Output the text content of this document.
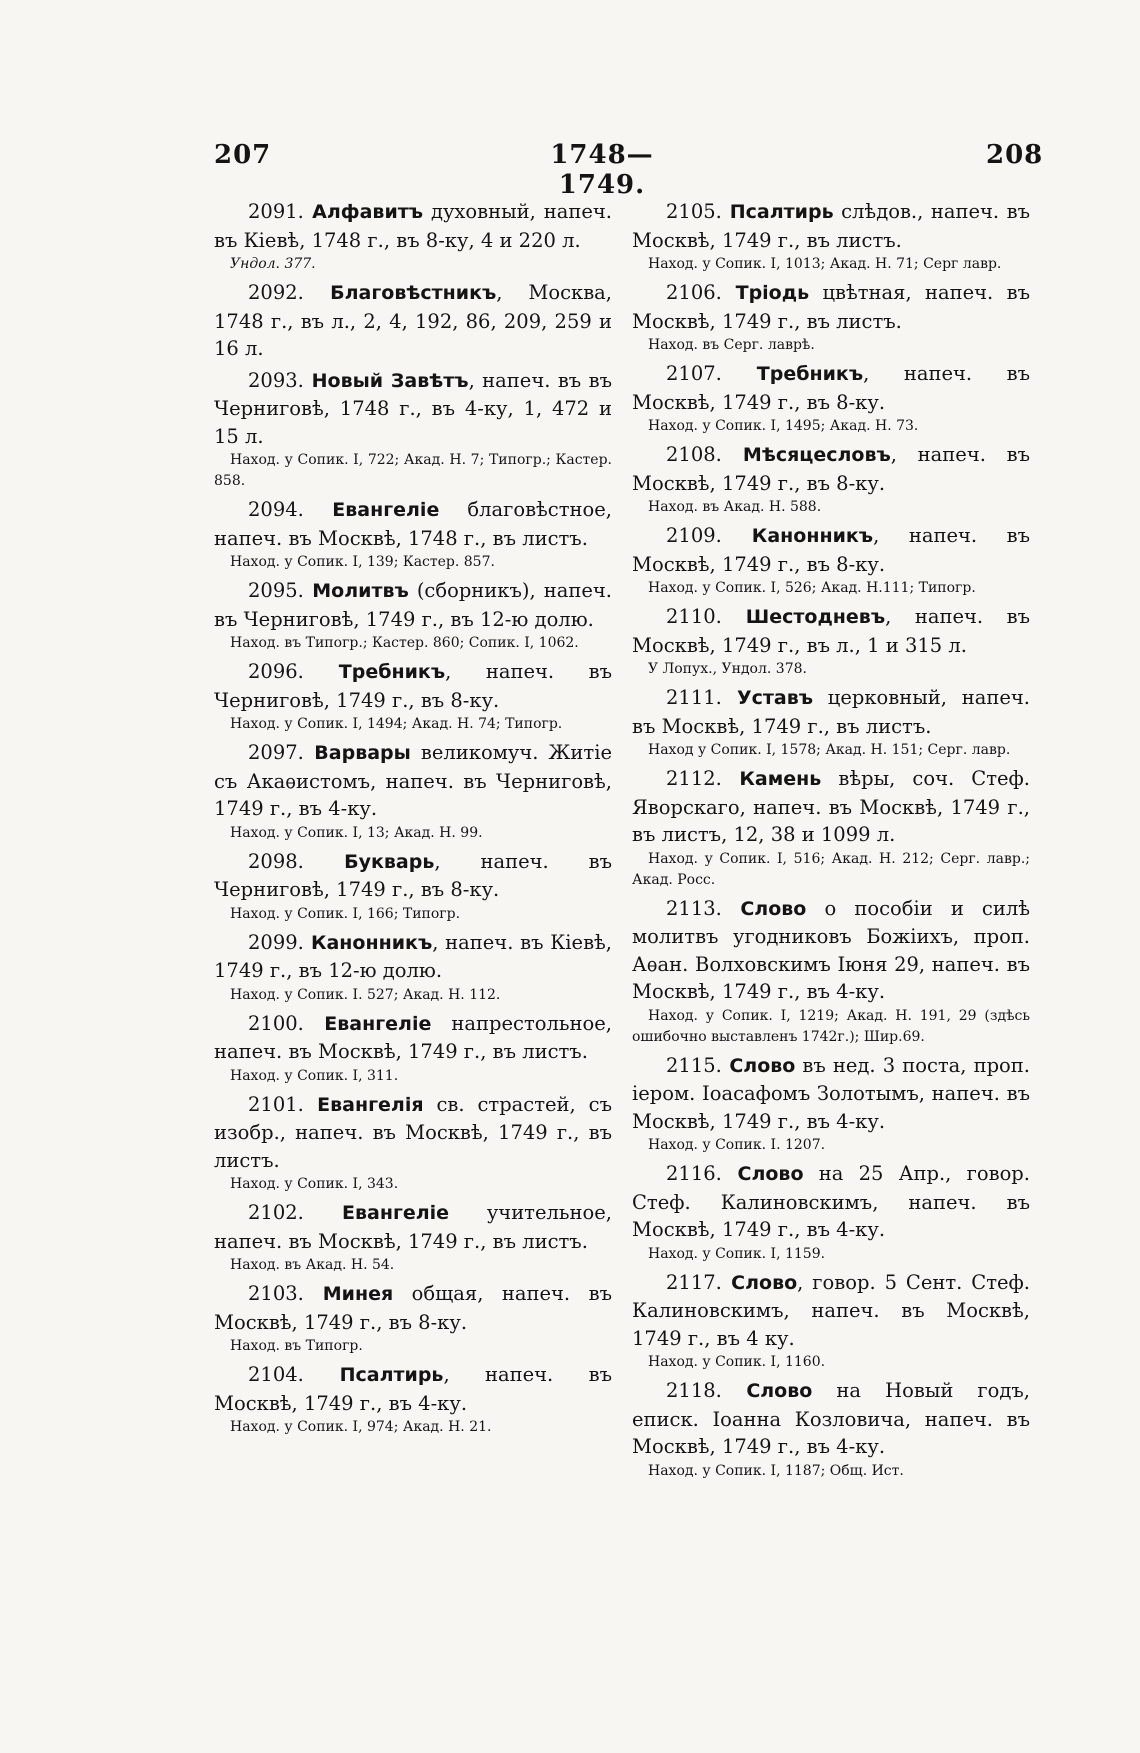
207	1748—1749.
208

2091. Алфавитъ духовный, напеч. въ Кіевѣ, 1748 г., въ 8-ку, 4 и 220 л.

Ундол. 377.

2092. Благовѣстникъ, Москва, 1748 г., въ л., 2, 4, 192, 86, 209, 259 и 16 л.

2093. Новый Завѣтъ, напеч. въ въ Черниговѣ, 1748 г., въ 4-ку, 1, 472 и 15 л.

Наход. у Сопик. I, 722; Акад. Н. 7; Типогр.; Кастер. 858.

2094. Евангеліе благовѣстное, напеч. въ Москвѣ, 1748 г., въ листъ.

Наход. у Сопик. I, 139; Кастер. 857.

2095. Молитвъ (сборникъ), напеч. въ Черниговѣ, 1749 г., въ 12-ю долю.

Наход. въ Типогр.; Кастер. 860; Сопик. I, 1062.

2096. Требникъ, напеч. въ Черниговѣ, 1749 г., въ 8-ку.

Наход. у Сопик. I, 1494; Акад. Н. 74; Типогр.

2097. Варвары великомуч. Житіе съ Акаѳистомъ, напеч. въ Черниговѣ, 1749 г., въ 4-ку.

Наход. у Сопик. I, 13; Акад. Н. 99.

2098. Букварь, напеч. въ Черниговѣ, 1749 г., въ 8-ку.

Наход. у Сопик. I, 166; Типогр.

2099. Канонникъ, напеч. въ Кіевѣ, 1749 г., въ 12-ю долю.

Наход. у Сопик. I. 527; Акад. Н. 112.

2100. Евангеліе напрестольное, напеч. въ Москвѣ, 1749 г., въ листъ.

Наход. у Сопик. I, 311.

2101. Евангелія св. страстей, съ изобр., напеч. въ Москвѣ, 1749 г., въ листъ.

Наход. у Сопик. I, 343.

2102. Евангеліе учительное, напеч. въ Москвѣ, 1749 г., въ листъ.

Наход. въ Акад. Н. 54.

2103. Минея общая, напеч. въ Москвѣ, 1749 г., въ 8-ку.

Наход. въ Типогр.

2104. Псалтирь, напеч. въ Москвѣ, 1749 г., въ 4-ку.

Наход. у Сопик. I, 974; Акад. Н. 21.

2105. Псалтирь слѣдов., напеч. въ Москвѣ, 1749 г., въ листъ.

Наход. у Сопик. I, 1013; Акад. Н. 71; Серг лавр.

2106. Тріодь цвѣтная, напеч. въ Москвѣ, 1749 г., въ листъ.

Наход. въ Серг. лаврѣ.

2107. Требникъ, напеч. въ Москвѣ, 1749 г., въ 8-ку.

Наход. у Сопик. I, 1495; Акад. Н. 73.

2108. Мѣсяцесловъ, напеч. въ Москвѣ, 1749 г., въ 8-ку.

Наход. въ Акад. Н. 588.

2109. Канонникъ, напеч. въ Москвѣ, 1749 г., въ 8-ку.

Наход. у Сопик. I, 526; Акад. Н.111; Типогр.

2110. Шестодневъ, напеч. въ Москвѣ, 1749 г., въ л., 1 и 315 л.

У Лопух., Ундол. 378.

2111. Уставъ церковный, напеч. въ Москвѣ, 1749 г., въ листъ.

Наход у Сопик. I, 1578; Акад. Н. 151; Серг. лавр.

2112. Камень вѣры, соч. Стеф. Яворскаго, напеч. въ Москвѣ, 1749 г., въ листъ, 12, 38 и 1099 л.

Наход. у Сопик. I, 516; Акад. Н. 212; Серг. лавр.; Акад. Росс.

2113. Слово о пособіи и силѣ молитвъ угодниковъ Божіихъ, проп. Аѳан. Волховскимъ Іюня 29, напеч. въ Москвѣ, 1749 г., въ 4-ку.

Наход. у Сопик. I, 1219; Акад. Н. 191, 29 (здѣсь ошибочно выставленъ 1742г.); Шир.69.

2115. Слово въ нед. 3 поста, проп. іером. Іоасафомъ Золотымъ, напеч. въ Москвѣ, 1749 г., въ 4-ку.

Наход. у Сопик. I. 1207.

2116. Слово на 25 Апр., говор. Стеф. Калиновскимъ, напеч. въ Москвѣ, 1749 г., въ 4-ку.

Наход. у Сопик. I, 1159.

2117. Слово, говор. 5 Сент. Стеф. Калиновскимъ, напеч. въ Москвѣ, 1749 г., въ 4 ку.

Наход. у Сопик. I, 1160.

2118. Слово на Новый годъ, еписк. Іоанна Козловича, напеч. въ Москвѣ, 1749 г., въ 4-ку.

Наход. у Сопик. I, 1187; Общ. Ист.
